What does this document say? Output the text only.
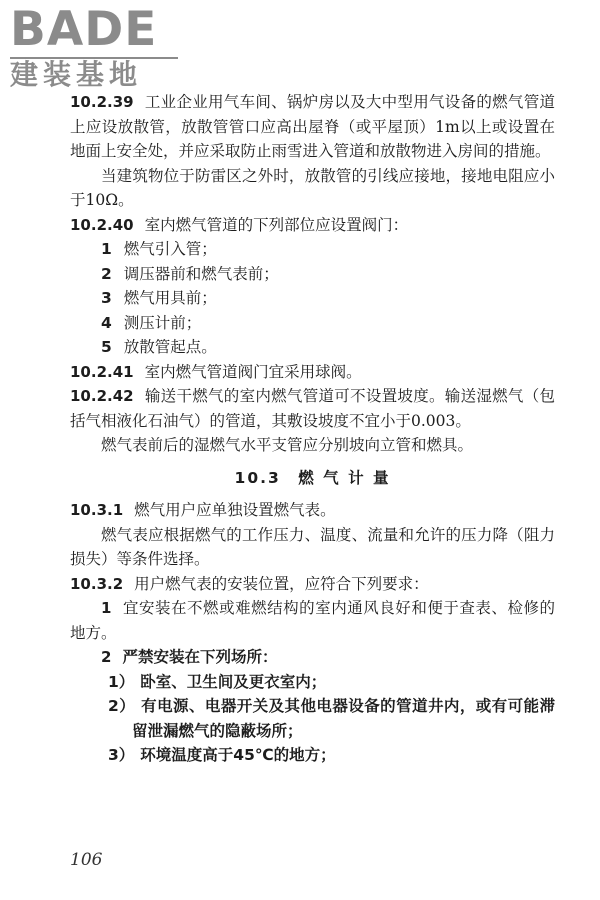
BADE
建装基地

10.2.39 工业企业用气车间、锅炉房以及大中型用气设备的燃气管道上应设放散管，放散管管口应高出屋脊（或平屋顶）1m以上或设置在地面上安全处，并应采取防止雨雪进入管道和放散物进入房间的措施。

当建筑物位于防雷区之外时，放散管的引线应接地，接地电阻应小于10Ω。

10.2.40 室内燃气管道的下列部位应设置阀门：

1 燃气引入管；
2 调压器前和燃气表前；
3 燃气用具前；
4 测压计前；
5 放散管起点。

10.2.41 室内燃气管道阀门宜采用球阀。

10.2.42 输送干燃气的室内燃气管道可不设置坡度。输送湿燃气（包括气相液化石油气）的管道，其敷设坡度不宜小于0.003。

燃气表前后的湿燃气水平支管应分别坡向立管和燃具。

10.3　燃 气 计 量

10.3.1 燃气用户应单独设置燃气表。

燃气表应根据燃气的工作压力、温度、流量和允许的压力降（阻力损失）等条件选择。

10.3.2 用户燃气表的安装位置，应符合下列要求：

1 宜安装在不燃或难燃结构的室内通风良好和便于查表、检修的地方。

2 严禁安装在下列场所：

1） 卧室、卫生间及更衣室内；
2） 有电源、电器开关及其他电器设备的管道井内，或有可能滞留泄漏燃气的隐蔽场所；
3） 环境温度高于45℃的地方；
106
